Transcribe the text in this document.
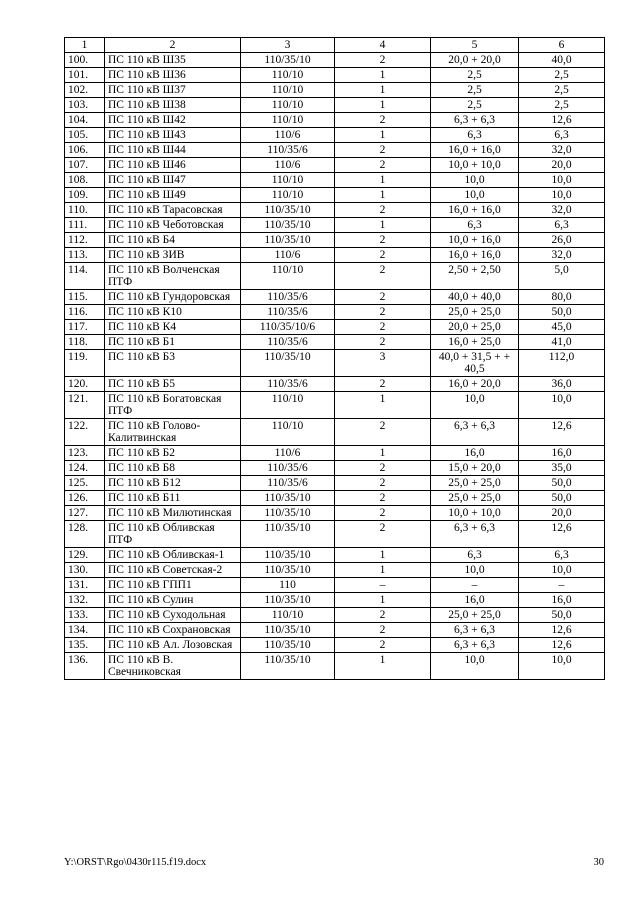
1	2	3	4	5	6
100.	ПС 110 кВ Ш35	110/35/10	2	20,0 + 20,0	40,0
101.	ПС 110 кВ Ш36	110/10	1	2,5	2,5
102.	ПС 110 кВ Ш37	110/10	1	2,5	2,5
103.	ПС 110 кВ Ш38	110/10	1	2,5	2,5
104.	ПС 110 кВ Ш42	110/10	2	6,3 + 6,3	12,6
105.	ПС 110 кВ Ш43	110/6	1	6,3	6,3
106.	ПС 110 кВ Ш44	110/35/6	2	16,0 + 16,0	32,0
107.	ПС 110 кВ Ш46	110/6	2	10,0 + 10,0	20,0
108.	ПС 110 кВ Ш47	110/10	1	10,0	10,0
109.	ПС 110 кВ Ш49	110/10	1	10,0	10,0
110.	ПС 110 кВ Тарасовская	110/35/10	2	16,0 + 16,0	32,0
111.	ПС 110 кВ Чеботовская	110/35/10	1	6,3	6,3
112.	ПС 110 кВ Б4	110/35/10	2	10,0 + 16,0	26,0
113.	ПС 110 кВ ЗИВ	110/6	2	16,0 + 16,0	32,0
114.	ПС 110 кВ Волченская ПТФ	110/10	2	2,50 + 2,50	5,0
115.	ПС 110 кВ Гундоровская	110/35/6	2	40,0 + 40,0	80,0
116.	ПС 110 кВ К10	110/35/6	2	25,0 + 25,0	50,0
117.	ПС 110 кВ К4	110/35/10/6	2	20,0 + 25,0	45,0
118.	ПС 110 кВ Б1	110/35/6	2	16,0 + 25,0	41,0
119.	ПС 110 кВ Б3	110/35/10	3	40,0 + 31,5 + + 40,5	112,0
120.	ПС 110 кВ Б5	110/35/6	2	16,0 + 20,0	36,0
121.	ПС 110 кВ Богатовская ПТФ	110/10	1	10,0	10,0
122.	ПС 110 кВ Голово-Калитвинская	110/10	2	6,3 + 6,3	12,6
123.	ПС 110 кВ Б2	110/6	1	16,0	16,0
124.	ПС 110 кВ Б8	110/35/6	2	15,0 + 20,0	35,0
125.	ПС 110 кВ Б12	110/35/6	2	25,0 + 25,0	50,0
126.	ПС 110 кВ Б11	110/35/10	2	25,0 + 25,0	50,0
127.	ПС 110 кВ Милютинская	110/35/10	2	10,0 + 10,0	20,0
128.	ПС 110 кВ Обливская ПТФ	110/35/10	2	6,3 + 6,3	12,6
129.	ПС 110 кВ Обливская-1	110/35/10	1	6,3	6,3
130.	ПС 110 кВ Советская-2	110/35/10	1	10,0	10,0
131.	ПС 110 кВ ГПП1	110	–	–	–
132.	ПС 110 кВ Сулин	110/35/10	1	16,0	16,0
133.	ПС 110 кВ Суходольная	110/10	2	25,0 + 25,0	50,0
134.	ПС 110 кВ Сохрановская	110/35/10	2	6,3 + 6,3	12,6
135.	ПС 110 кВ Ал. Лозовская	110/35/10	2	6,3 + 6,3	12,6
136.	ПС 110 кВ В. Свечниковская	110/35/10	1	10,0	10,0
Y:\ORST\Rgo\0430r115.f19.docx	30
